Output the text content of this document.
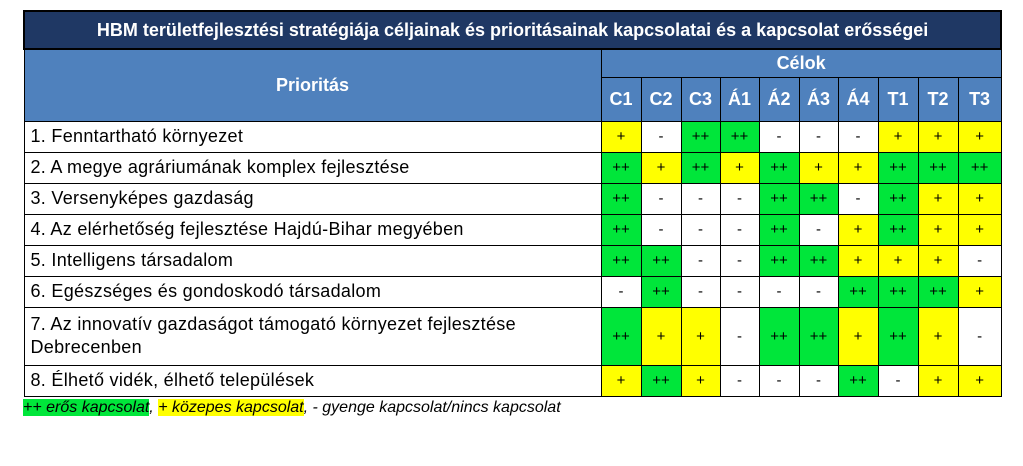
HBM területfejlesztési stratégiája céljainak és prioritásainak kapcsolatai és a kapcsolat erősségei										
Prioritás	Célok									
	C1	C2	C3	Á1	Á2	Á3	Á4	T1	T2	T3
1. Fenntartható környezet	+	-	++	++	-	-	-	+	+	+
2. A megye agráriumának komplex fejlesztése	++	+	++	+	++	+	+	++	++	++
3. Versenyképes gazdaság	++	-	-	-	++	++	-	++	+	+
4. Az elérhetőség fejlesztése Hajdú-Bihar megyében	++	-	-	-	++	-	+	++	+	+
5. Intelligens társadalom	++	++	-	-	++	++	+	+	+	-
6. Egészséges és gondoskodó társadalom	-	++	-	-	-	-	++	++	++	+
7. Az innovatív gazdaságot támogató környezet fejlesztése Debrecenben	++	+	+	-	++	++	+	++	+	-
8. Élhető vidék, élhető települések	+	++	+	-	-	-	++	-	+	+
++ erős kapcsolat, + közepes kapcsolat, - gyenge kapcsolat/nincs kapcsolat
